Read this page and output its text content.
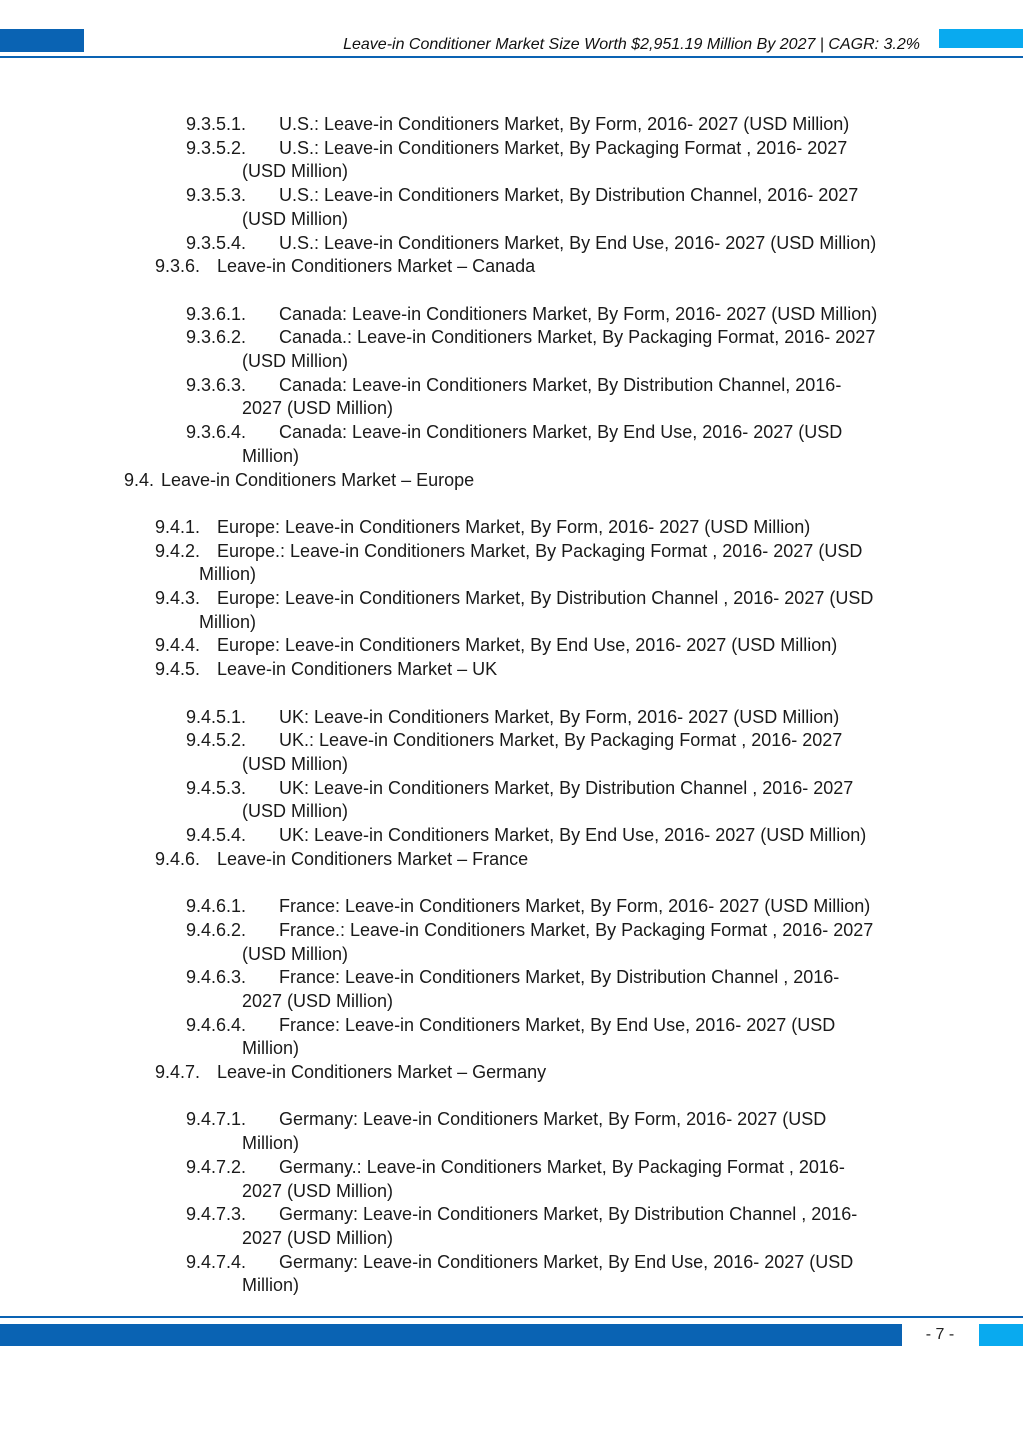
Leave-in Conditioner Market Size Worth $2,951.19 Million By 2027 | CAGR: 3.2%
9.3.5.1. U.S.: Leave-in Conditioners Market, By Form, 2016- 2027 (USD Million)
9.3.5.2. U.S.: Leave-in Conditioners Market, By Packaging Format , 2016- 2027
(USD Million)
9.3.5.3. U.S.: Leave-in Conditioners Market, By Distribution Channel, 2016- 2027
(USD Million)
9.3.5.4. U.S.: Leave-in Conditioners Market, By End Use, 2016- 2027 (USD Million)
9.3.6. Leave-in Conditioners Market – Canada
9.3.6.1. Canada: Leave-in Conditioners Market, By Form, 2016- 2027 (USD Million)
9.3.6.2. Canada.: Leave-in Conditioners Market, By Packaging Format, 2016- 2027
(USD Million)
9.3.6.3. Canada: Leave-in Conditioners Market, By Distribution Channel, 2016-
2027 (USD Million)
9.3.6.4. Canada: Leave-in Conditioners Market, By End Use, 2016- 2027 (USD
Million)
9.4. Leave-in Conditioners Market – Europe
9.4.1. Europe: Leave-in Conditioners Market, By Form, 2016- 2027 (USD Million)
9.4.2. Europe.: Leave-in Conditioners Market, By Packaging Format , 2016- 2027 (USD
Million)
9.4.3. Europe: Leave-in Conditioners Market, By Distribution Channel , 2016- 2027 (USD
Million)
9.4.4. Europe: Leave-in Conditioners Market, By End Use, 2016- 2027 (USD Million)
9.4.5. Leave-in Conditioners Market – UK
9.4.5.1. UK: Leave-in Conditioners Market, By Form, 2016- 2027 (USD Million)
9.4.5.2. UK.: Leave-in Conditioners Market, By Packaging Format , 2016- 2027
(USD Million)
9.4.5.3. UK: Leave-in Conditioners Market, By Distribution Channel , 2016- 2027
(USD Million)
9.4.5.4. UK: Leave-in Conditioners Market, By End Use, 2016- 2027 (USD Million)
9.4.6. Leave-in Conditioners Market – France
9.4.6.1. France: Leave-in Conditioners Market, By Form, 2016- 2027 (USD Million)
9.4.6.2. France.: Leave-in Conditioners Market, By Packaging Format , 2016- 2027
(USD Million)
9.4.6.3. France: Leave-in Conditioners Market, By Distribution Channel , 2016-
2027 (USD Million)
9.4.6.4. France: Leave-in Conditioners Market, By End Use, 2016- 2027 (USD
Million)
9.4.7. Leave-in Conditioners Market – Germany
9.4.7.1. Germany: Leave-in Conditioners Market, By Form, 2016- 2027 (USD
Million)
9.4.7.2. Germany.: Leave-in Conditioners Market, By Packaging Format , 2016-
2027 (USD Million)
9.4.7.3. Germany: Leave-in Conditioners Market, By Distribution Channel , 2016-
2027 (USD Million)
9.4.7.4. Germany: Leave-in Conditioners Market, By End Use, 2016- 2027 (USD
Million)
- 7 -
